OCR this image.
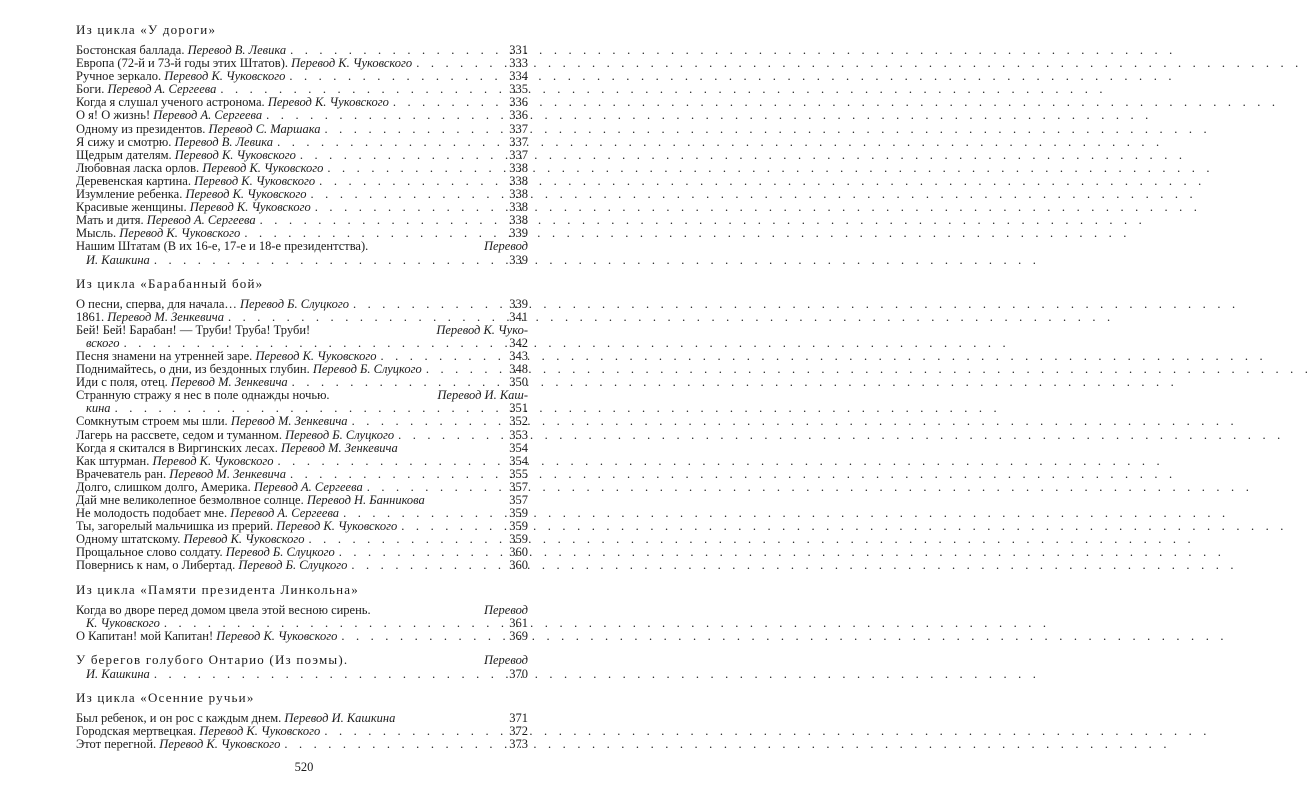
Из цикла «У дороги»
Бостонская баллада. Перевод В. Левика . . .	331
Европа (72-й и 73-й годы этих Штатов). Перевод К. Чуковского . . .	333
Ручное зеркало. Перевод К. Чуковского . . .	334
Боги. Перевод А. Сергеева . . .	335
Когда я слушал ученого астронома. Перевод К. Чуковского . . .	336
О я! О жизнь! Перевод А. Сергеева . . .	336
Одному из президентов. Перевод С. Маршака . . .	337
Я сижу и смотрю. Перевод В. Левика . . .	337
Щедрым дателям. Перевод К. Чуковского . . .	337
Любовная ласка орлов. Перевод К. Чуковского . . .	338
Деревенская картина. Перевод К. Чуковского . . .	338
Изумление ребенка. Перевод К. Чуковского . . .	338
Красивые женщины. Перевод К. Чуковского . . .	338
Мать и дитя. Перевод А. Сергеева . . .	338
Мысль. Перевод К. Чуковского . . .	339
Нашим Штатам (В их 16-е, 17-е и 18-е президентства).	Перевод
И. Кашкина . . .	339
Из цикла «Барабанный бой»
О песни, сперва, для начала… Перевод Б. Слуцкого . . .	339
1861. Перевод М. Зенкевича . . .	341
Бей! Бей! Барабан! — Труби! Труба! Труби!	Перевод К. Чуко-
вского . . .	342
Песня знамени на утренней заре. Перевод К. Чуковского . . .	343
Поднимайтесь, о дни, из бездонных глубин. Перевод Б. Слуцкого . . .	348
Иди с поля, отец. Перевод М. Зенкевича . . .	350
Странную стражу я нес в поле однажды ночью.	Перевод И. Каш-
кина . . .	351
Сомкнутым строем мы шли. Перевод М. Зенкевича . . .	352
Лагерь на рассвете, седом и туманном. Перевод Б. Слуцкого . . .	353
Когда я скитался в Виргинских лесах. Перевод М. Зенкевича	354
Как штурман. Перевод К. Чуковского . . .	354
Врачеватель ран. Перевод М. Зенкевича . . .	355
Долго, слишком долго, Америка. Перевод А. Сергеева . . .	357
Дай мне великолепное безмолвное солнце. Перевод Н. Банникова	357
Не молодость подобает мне. Перевод А. Сергеева . . .	359
Ты, загорелый мальчишка из прерий. Перевод К. Чуковского . . .	359
Одному штатскому. Перевод К. Чуковского . . .	359
Прощальное слово солдату. Перевод Б. Слуцкого . . .	360
Повернись к нам, о Либертад. Перевод Б. Слуцкого . . .	360
Из цикла «Памяти президента Линкольна»
Когда во дворе перед домом цвела этой весною сирень.	Перевод
К. Чуковского . . .	361
О Капитан! мой Капитан! Перевод К. Чуковского . . .	369
У берегов голубого Онтарио (Из поэмы).	Перевод
И. Кашкина . . .	370
Из цикла «Осенние ручьи»
Был ребенок, и он рос с каждым днем. Перевод И. Кашкина	371
Городская мертвецкая. Перевод К. Чуковского . . .	372
Этот перегной. Перевод К. Чуковского . . .	373
520
